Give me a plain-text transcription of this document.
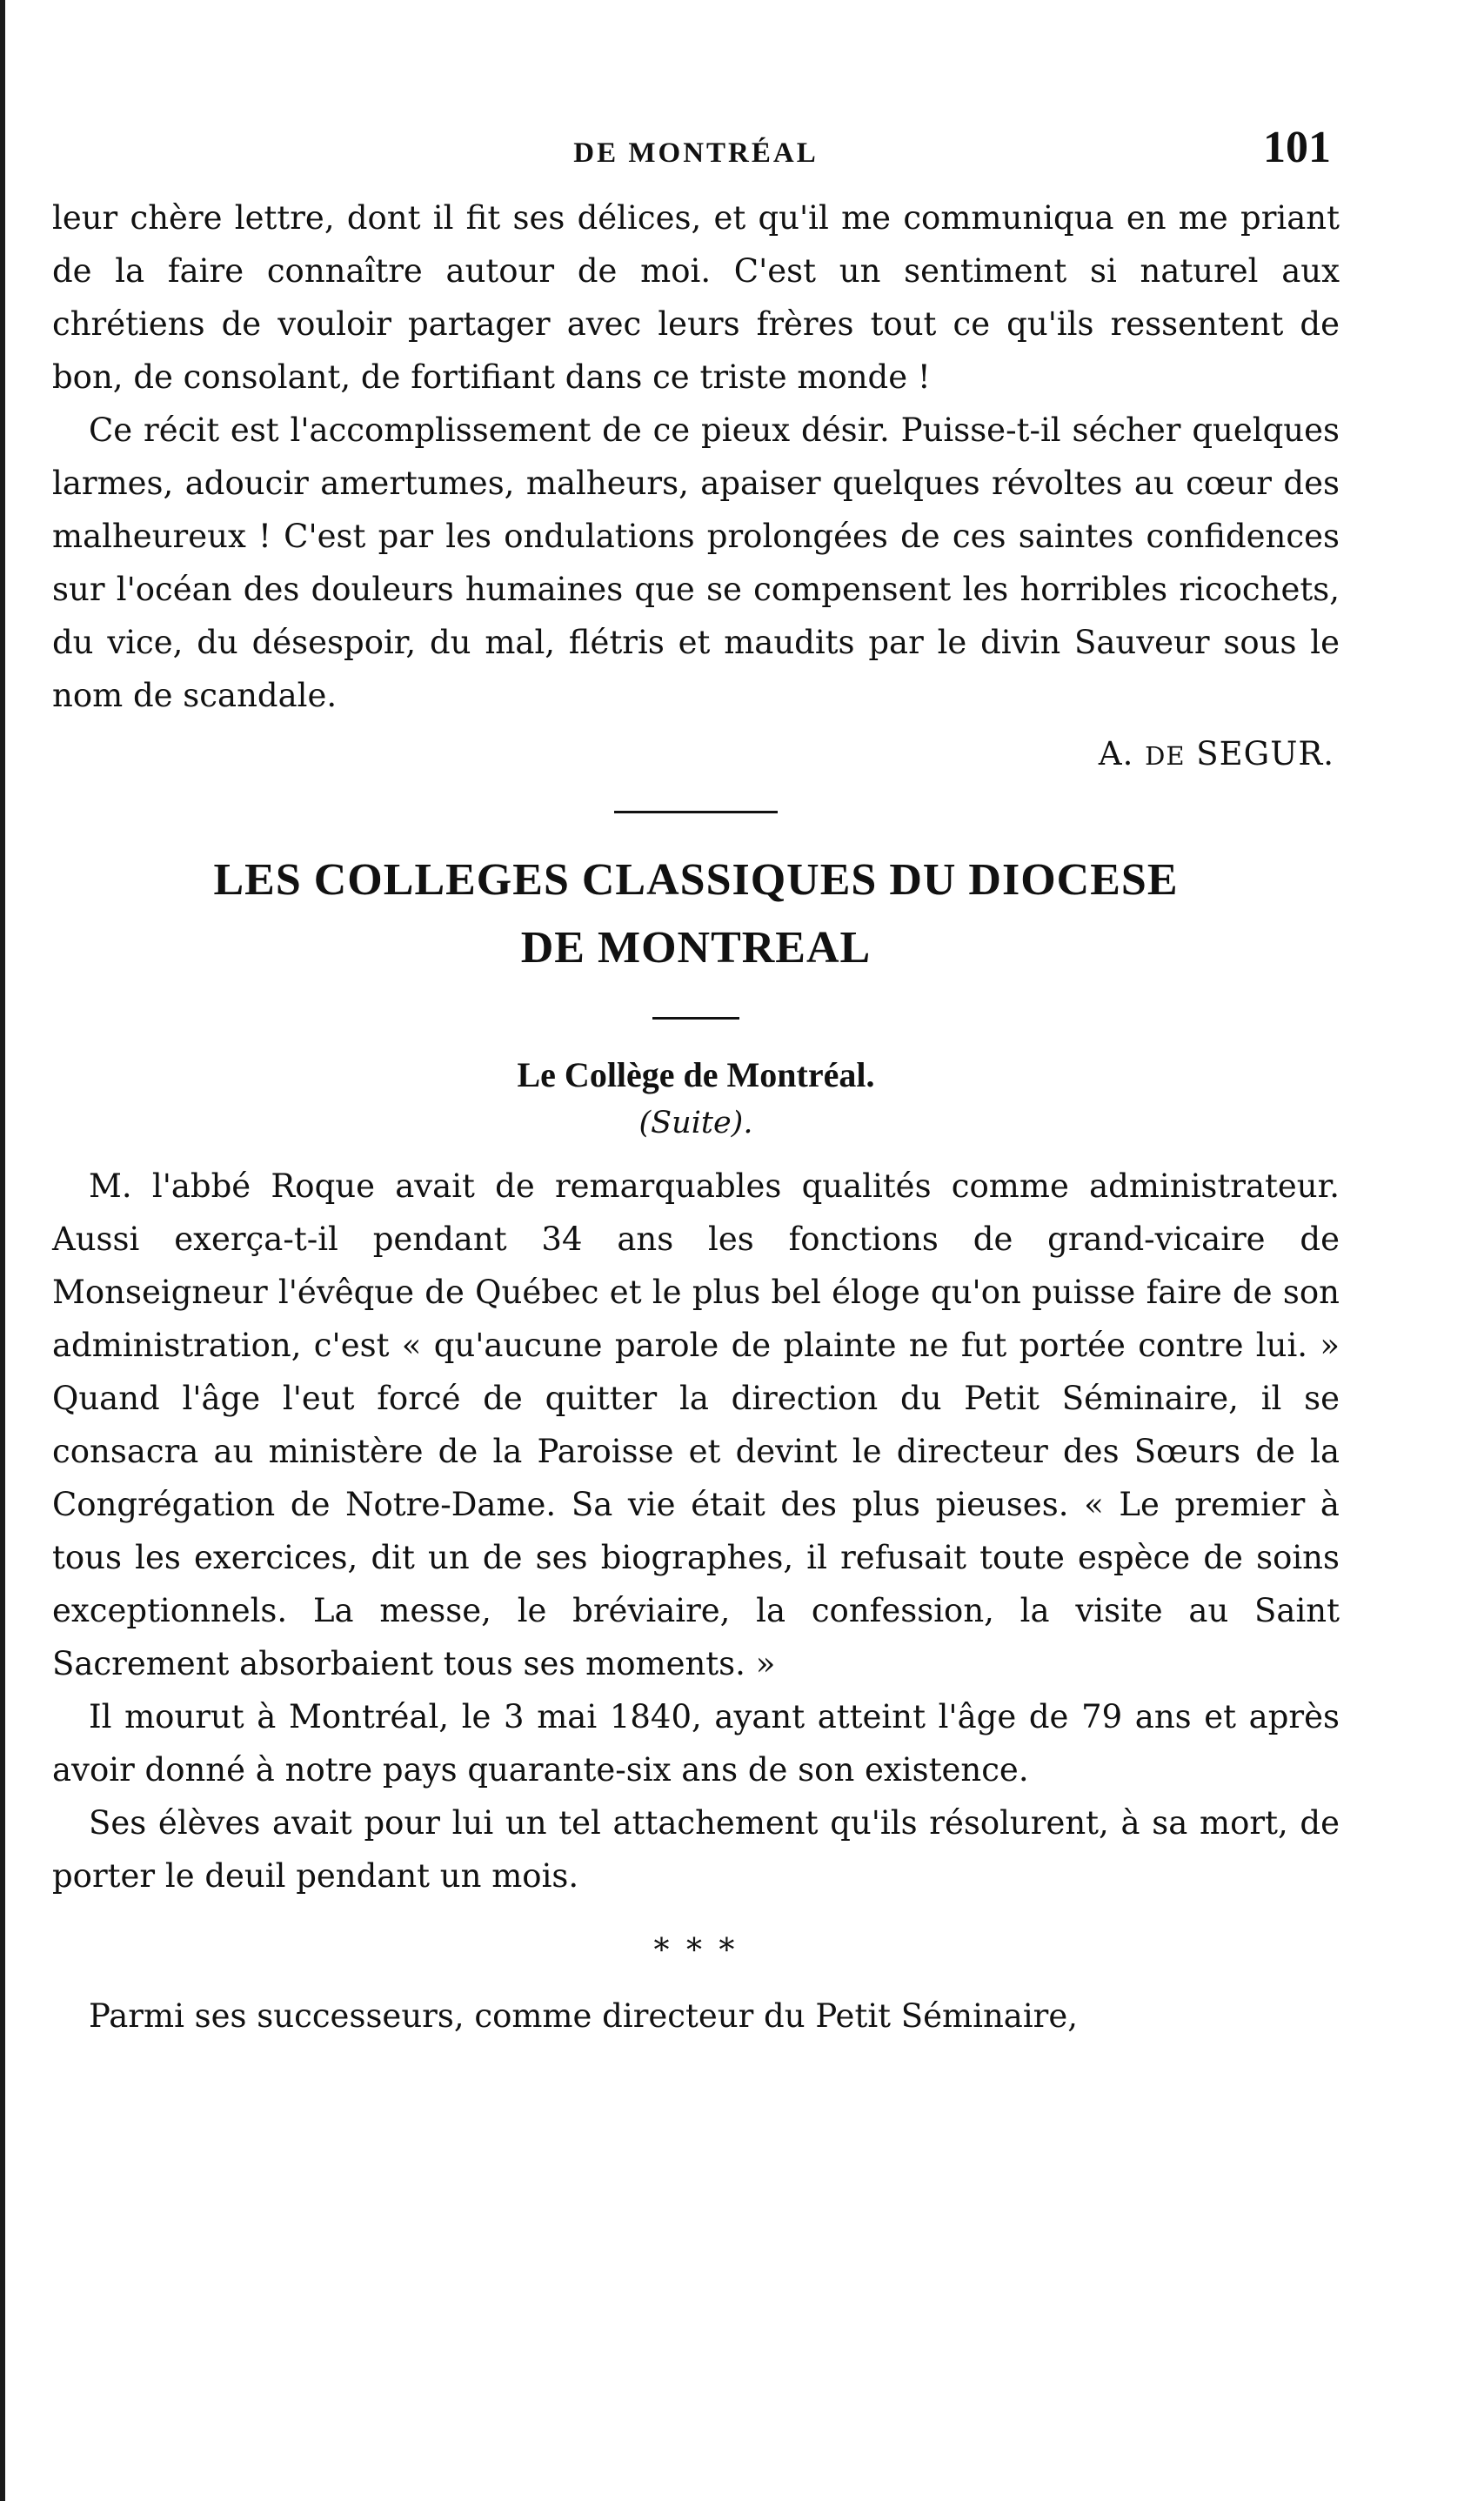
DE MONTRÉAL	101

leur chère lettre, dont il fit ses délices, et qu'il me communiqua en me priant de la faire connaître autour de moi. C'est un sentiment si naturel aux chrétiens de vouloir partager avec leurs frères tout ce qu'ils ressentent de bon, de consolant, de fortifiant dans ce triste monde !

Ce récit est l'accomplissement de ce pieux désir. Puisse-t-il sécher quelques larmes, adoucir amertumes, malheurs, apaiser quelques révoltes au cœur des malheureux ! C'est par les ondulations prolongées de ces saintes confidences sur l'océan des douleurs humaines que se compensent les horribles ricochets, du vice, du désespoir, du mal, flétris et maudits par le divin Sauveur sous le nom de scandale.

A. DE SEGUR.
LES COLLEGES CLASSIQUES DU DIOCESE
DE MONTREAL
Le Collège de Montréal.
(Suite).

M. l'abbé Roque avait de remarquables qualités comme administrateur. Aussi exerça-t-il pendant 34 ans les fonctions de grand-vicaire de Monseigneur l'évêque de Québec et le plus bel éloge qu'on puisse faire de son administration, c'est « qu'aucune parole de plainte ne fut portée contre lui. » Quand l'âge l'eut forcé de quitter la direction du Petit Séminaire, il se consacra au ministère de la Paroisse et devint le directeur des Sœurs de la Congrégation de Notre-Dame. Sa vie était des plus pieuses. « Le premier à tous les exercices, dit un de ses biographes, il refusait toute espèce de soins exceptionnels. La messe, le bréviaire, la confession, la visite au Saint Sacrement absorbaient tous ses moments. »

Il mourut à Montréal, le 3 mai 1840, ayant atteint l'âge de 79 ans et après avoir donné à notre pays quarante-six ans de son existence.

Ses élèves avait pour lui un tel attachement qu'ils résolurent, à sa mort, de porter le deuil pendant un mois.

* * *

Parmi ses successeurs, comme directeur du Petit Séminaire,
